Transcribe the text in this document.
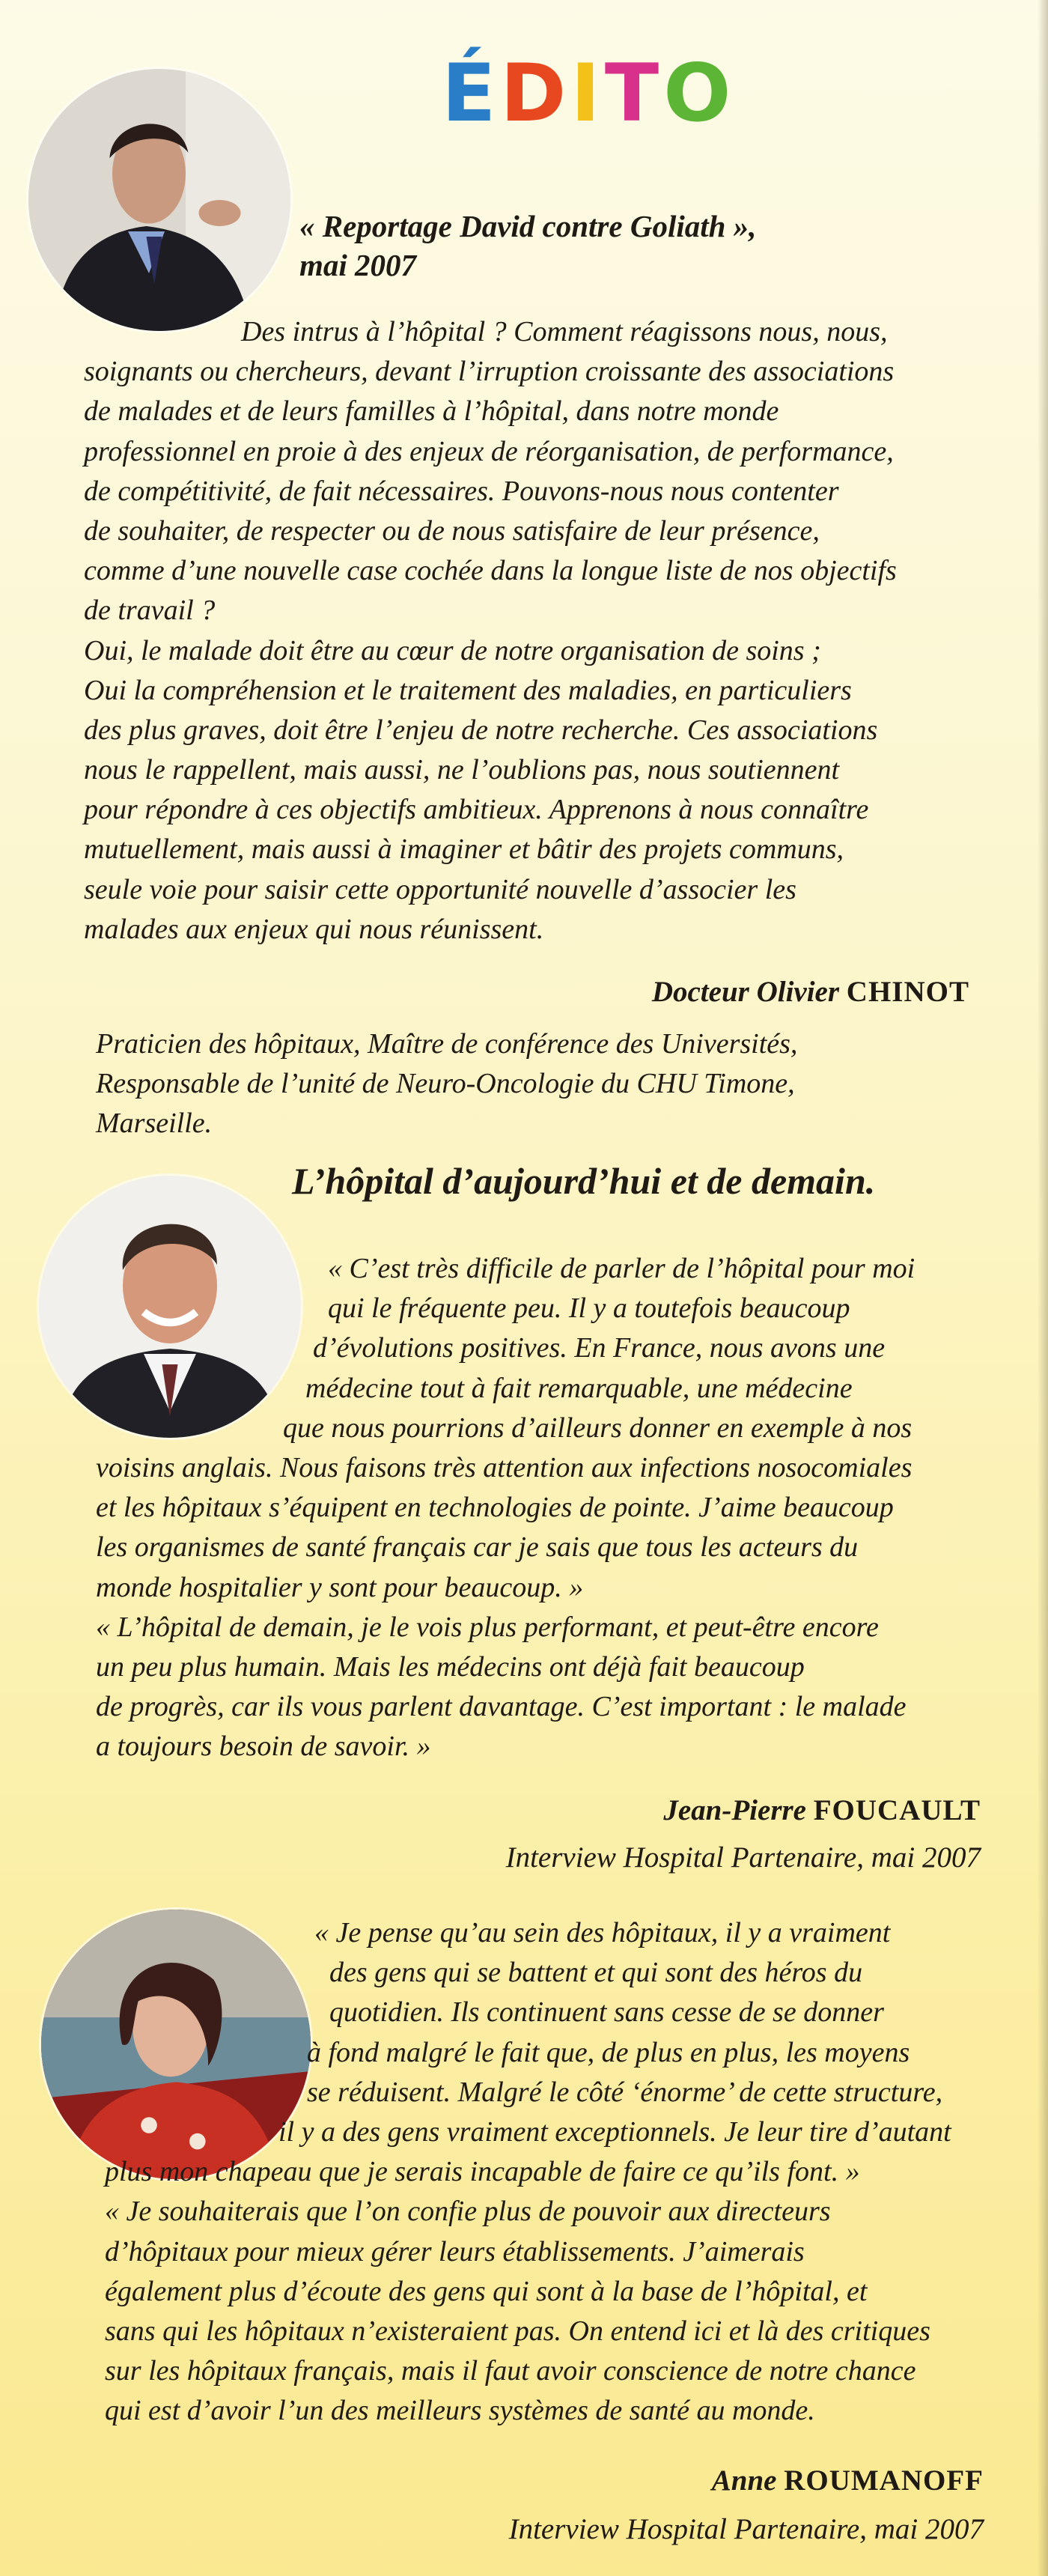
ÉDITO
« Reportage David contre Goliath »,
mai 2007
Des intrus à l’hôpital ? Comment réagissons nous, nous,
soignants ou chercheurs, devant l’irruption croissante des associations
de malades et de leurs familles à l’hôpital, dans notre monde
professionnel en proie à des enjeux de réorganisation, de performance,
de compétitivité, de fait nécessaires. Pouvons-nous nous contenter
de souhaiter, de respecter ou de nous satisfaire de leur présence,
comme d’une nouvelle case cochée dans la longue liste de nos objectifs
de travail ?
Oui, le malade doit être au cœur de notre organisation de soins ;
Oui la compréhension et le traitement des maladies, en particuliers
des plus graves, doit être l’enjeu de notre recherche. Ces associations
nous le rappellent, mais aussi, ne l’oublions pas, nous soutiennent
pour répondre à ces objectifs ambitieux. Apprenons à nous connaître
mutuellement, mais aussi à imaginer et bâtir des projets communs,
seule voie pour saisir cette opportunité nouvelle d’associer les
malades aux enjeux qui nous réunissent.
Docteur Olivier CHINOT
Praticien des hôpitaux, Maître de conférence des Universités,
Responsable de l’unité de Neuro-Oncologie du CHU Timone,
Marseille.
L’hôpital d’aujourd’hui et de demain.
« C’est très difficile de parler de l’hôpital pour moi
qui le fréquente peu. Il y a toutefois beaucoup
d’évolutions positives. En France, nous avons une
médecine tout à fait remarquable, une médecine
que nous pourrions d’ailleurs donner en exemple à nos
voisins anglais. Nous faisons très attention aux infections nosocomiales
et les hôpitaux s’équipent en technologies de pointe. J’aime beaucoup
les organismes de santé français car je sais que tous les acteurs du
monde hospitalier y sont pour beaucoup. »
« L’hôpital de demain, je le vois plus performant, et peut-être encore
un peu plus humain. Mais les médecins ont déjà fait beaucoup
de progrès, car ils vous parlent davantage. C’est important : le malade
a toujours besoin de savoir. »
Jean-Pierre FOUCAULT
Interview Hospital Partenaire, mai 2007
« Je pense qu’au sein des hôpitaux, il y a vraiment
des gens qui se battent et qui sont des héros du
quotidien. Ils continuent sans cesse de se donner
à fond malgré le fait que, de plus en plus, les moyens
se réduisent. Malgré le côté ‘énorme’ de cette structure,
il y a des gens vraiment exceptionnels. Je leur tire d’autant
plus mon chapeau que je serais incapable de faire ce qu’ils font. »
« Je souhaiterais que l’on confie plus de pouvoir aux directeurs
d’hôpitaux pour mieux gérer leurs établissements. J’aimerais
également plus d’écoute des gens qui sont à la base de l’hôpital, et
sans qui les hôpitaux n’existeraient pas. On entend ici et là des critiques
sur les hôpitaux français, mais il faut avoir conscience de notre chance
qui est d’avoir l’un des meilleurs systèmes de santé au monde.
Anne ROUMANOFF
Interview Hospital Partenaire, mai 2007
